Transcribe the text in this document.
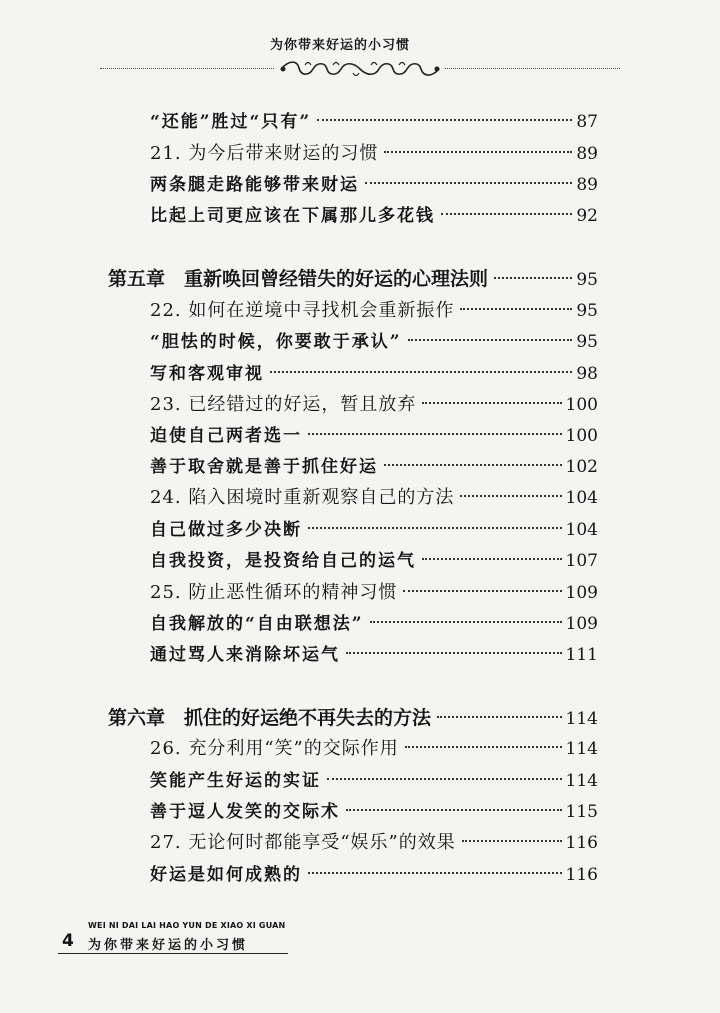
为你带来好运的小习惯
“还能”胜过“只有”	87
21. 为今后带来财运的习惯	89
两条腿走路能够带来财运	89
比起上司更应该在下属那儿多花钱	92
第五章　重新唤回曾经错失的好运的心理法则	95
22. 如何在逆境中寻找机会重新振作	95
“胆怯的时候，你要敢于承认”	95
写和客观审视	98
23. 已经错过的好运，暂且放弃	100
迫使自己两者选一	100
善于取舍就是善于抓住好运	102
24. 陷入困境时重新观察自己的方法	104
自己做过多少决断	104
自我投资，是投资给自己的运气	107
25. 防止恶性循环的精神习惯	109
自我解放的“自由联想法”	109
通过骂人来消除坏运气	111
第六章　抓住的好运绝不再失去的方法	114
26. 充分利用“笑”的交际作用	114
笑能产生好运的实证	114
善于逗人发笑的交际术	115
27. 无论何时都能享受“娱乐”的效果	116
好运是如何成熟的	116
WEI NI DAI LAI HAO YUN DE XIAO XI GUAN
4 为你带来好运的小习惯
